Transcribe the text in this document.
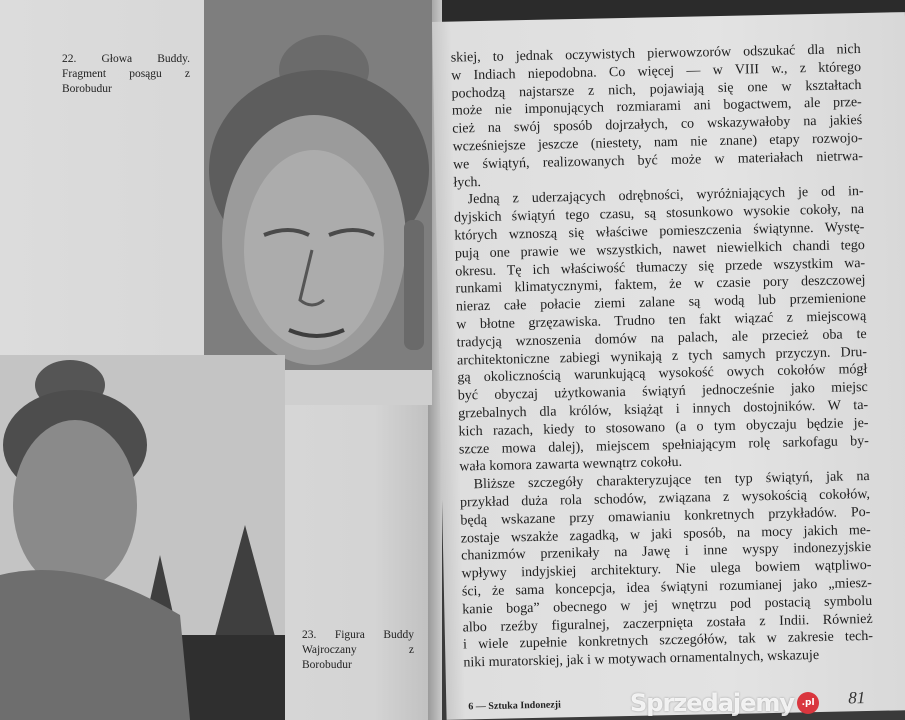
22. Głowa Buddy. Fragment posągu z Borobudur
skiej, to jednak oczywistych pierwowzorów odszukać dla nich
w Indiach niepodobna. Co więcej — w VIII w., z którego
pochodzą najstarsze z nich, pojawiają się one w kształtach
może nie imponujących rozmiarami ani bogactwem, ale prze-
cież na swój sposób dojrzałych, co wskazywałoby na jakieś
wcześniejsze jeszcze (niestety, nam nie znane) etapy rozwojo-
we świątyń, realizowanych być może w materiałach nietrwa-
łych.
Jedną z uderzających odrębności, wyróżniających je od in-
dyjskich świątyń tego czasu, są stosunkowo wysokie cokoły, na
których wznoszą się właściwe pomieszczenia świątynne. Wystę-
pują one prawie we wszystkich, nawet niewielkich chandi tego
okresu. Tę ich właściwość tłumaczy się przede wszystkim wa-
runkami klimatycznymi, faktem, że w czasie pory deszczowej
nieraz całe połacie ziemi zalane są wodą lub przemienione
w błotne grzęzawiska. Trudno ten fakt wiązać z miejscową
tradycją wznoszenia domów na palach, ale przecież oba te
architektoniczne zabiegi wynikają z tych samych przyczyn. Dru-
gą okolicznością warunkującą wysokość owych cokołów mógł
być obyczaj użytkowania świątyń jednocześnie jako miejsc
grzebalnych dla królów, książąt i innych dostojników. W ta-
kich razach, kiedy to stosowano (a o tym obyczaju będzie je-
szcze mowa dalej), miejscem spełniającym rolę sarkofagu by-
wała komora zawarta wewnątrz cokołu.
Bliższe szczegóły charakteryzujące ten typ świątyń, jak na
przykład duża rola schodów, związana z wysokością cokołów,
będą wskazane przy omawianiu konkretnych przykładów. Po-
zostaje wszakże zagadką, w jaki sposób, na mocy jakich me-
chanizmów przenikały na Jawę i inne wyspy indonezyjskie
wpływy indyjskiej architektury. Nie ulega bowiem wątpliwo-
ści, że sama koncepcja, idea świątyni rozumianej jako „miesz-
kanie boga” obecnego w jej wnętrzu pod postacią symbolu
albo rzeźby figuralnej, zaczerpnięta została z Indii. Również
i wiele zupełnie konkretnych szczegółów, tak w zakresie tech-
niki muratorskiej, jak i w motywach ornamentalnych, wskazuje
6 — Sztuka Indonezji	81
23. Figura Buddy Wajroczany z Borobudur
Sprzedajemy .pl
